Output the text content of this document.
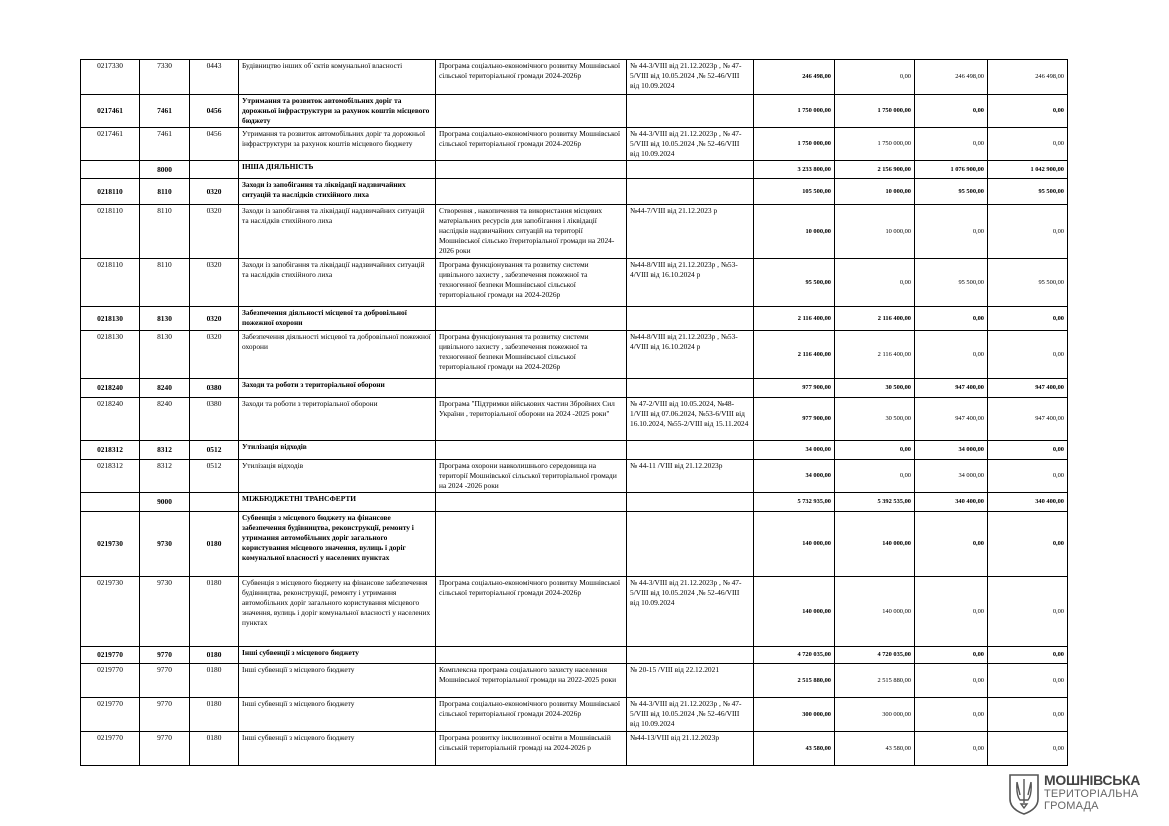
0217330	7330	0443	Будівництво інших об`єктів комунальної власності	Програма соціально-економічного розвитку Мошнівської сільської територіальної громади 2024-2026р	№ 44-3/VIII від 21.12.2023р , № 47-5/VIII від 10.05.2024 ,№ 52-46/VIII від 10.09.2024	246 498,00	0,00	246 498,00	246 498,00
0217461	7461	0456	Утримання та розвиток автомобільних доріг та дорожньої інфраструктури за рахунок коштів місцевого бюджету			1 750 000,00	1 750 000,00	0,00	0,00
0217461	7461	0456	Утримання та розвиток автомобільних доріг та дорожньої інфраструктури за рахунок коштів місцевого бюджету	Програма соціально-економічного розвитку Мошнівської сільської територіальної громади 2024-2026р	№ 44-3/VIII від 21.12.2023р , № 47-5/VIII від 10.05.2024 ,№ 52-46/VIII від 10.09.2024	1 750 000,00	1 750 000,00	0,00	0,00
	8000		ІНША ДІЯЛЬНІСТЬ			3 233 800,00	2 156 900,00	1 076 900,00	1 042 900,00
0218110	8110	0320	Заходи із запобігання та ліквідації надзвичайних ситуацій та наслідків стихійного лиха			105 500,00	10 000,00	95 500,00	95 500,00
0218110	8110	0320	Заходи із запобігання та ліквідації надзвичайних ситуацій та наслідків стихійного лиха	Створення , накопичення та використання місцевих матеріальних ресурсів для запобігання і ліквідації наслідків надзвичайних ситуацій на території Мошнівської сільсько їтериторіальної громади на 2024-2026 роки	№44-7/VIII від 21.12.2023 р	10 000,00	10 000,00	0,00	0,00
0218110	8110	0320	Заходи із запобігання та ліквідації надзвичайних ситуацій та наслідків стихійного лиха	Програма функціонування та розвитку системи цивільного захисту , забезпечення пожежної та техногенної безпеки Мошнівської сільської територіальної громади на 2024-2026р	№44-8/VIII від 21.12.2023р , №53-4/VIII від 16.10.2024 р	95 500,00	0,00	95 500,00	95 500,00
0218130	8130	0320	Забезпечення діяльності місцевої та добровільної пожежної охорони			2 116 400,00	2 116 400,00	0,00	0,00
0218130	8130	0320	Забезпечення діяльності місцевої та добровільної пожежної охорони	Програма функціонування та розвитку системи цивільного захисту , забезпечення пожежної та техногенної безпеки Мошнівської сільської територіальної громади на 2024-2026р	№44-8/VIII від 21.12.2023р , №53-4/VIII від 16.10.2024 р	2 116 400,00	2 116 400,00	0,00	0,00
0218240	8240	0380	Заходи та роботи з територіальної оборони			977 900,00	30 500,00	947 400,00	947 400,00
0218240	8240	0380	Заходи та роботи з територіальної оборони	Програма "Підтримки військових частин Збройних Сил України , територіальної оборони на 2024 -2025 роки"	№ 47-2/VIII від 10.05.2024, №48-1/VIII від 07.06.2024, №53-6/VIII від 16.10.2024, №55-2/VIII від 15.11.2024	977 900,00	30 500,00	947 400,00	947 400,00
0218312	8312	0512	Утилізація відходів			34 000,00	0,00	34 000,00	0,00
0218312	8312	0512	Утилізація відходів	Програма охорони навколишнього середовища на території Мошнівської сільської територіальної громади на 2024 -2026 роки	№ 44-11 /VIII від 21.12.2023р	34 000,00	0,00	34 000,00	0,00
	9000		МІЖБЮДЖЕТНІ ТРАНСФЕРТИ			5 732 935,00	5 392 535,00	340 400,00	340 400,00
0219730	9730	0180	Субвенція з місцевого бюджету на фінансове забезпечення будівництва, реконструкції, ремонту і утримання автомобільних доріг загального користування місцевого значення, вулиць і доріг комунальної власності у населених пунктах			140 000,00	140 000,00	0,00	0,00
0219730	9730	0180	Субвенція з місцевого бюджету на фінансове забезпечення будівництва, реконструкції, ремонту і утримання автомобільних доріг загального користування місцевого значення, вулиць і доріг комунальної власності у населених пунктах	Програма соціально-економічного розвитку Мошнівської сільської територіальної громади 2024-2026р	№ 44-3/VIII від 21.12.2023р , № 47-5/VIII від 10.05.2024 ,№ 52-46/VIII від 10.09.2024	140 000,00	140 000,00	0,00	0,00
0219770	9770	0180	Інші субвенції з місцевого бюджету			4 720 035,00	4 720 035,00	0,00	0,00
0219770	9770	0180	Інші субвенції з місцевого бюджету	Комплексна програма соціального захисту населення Мошнівської територіальної громади на 2022-2025 роки	№ 20-15 /VIII від 22.12.2021	2 515 880,00	2 515 880,00	0,00	0,00
0219770	9770	0180	Інші субвенції з місцевого бюджету	Програма соціально-економічного розвитку Мошнівської сільської територіальної громади 2024-2026р	№ 44-3/VIII від 21.12.2023р , № 47-5/VIII від 10.05.2024 ,№ 52-46/VIII від 10.09.2024	300 000,00	300 000,00	0,00	0,00
0219770	9770	0180	Інші субвенції з місцевого бюджету	Програма розвитку інклюзивної освіти в Мошнівській сільській територіальній громаді на 2024-2026 р	№44-13/VIII від 21.12.2023р	43 580,00	43 580,00	0,00	0,00
МОШНІВСЬКА
ТЕРИТОРІАЛЬНА
ГРОМАДА
